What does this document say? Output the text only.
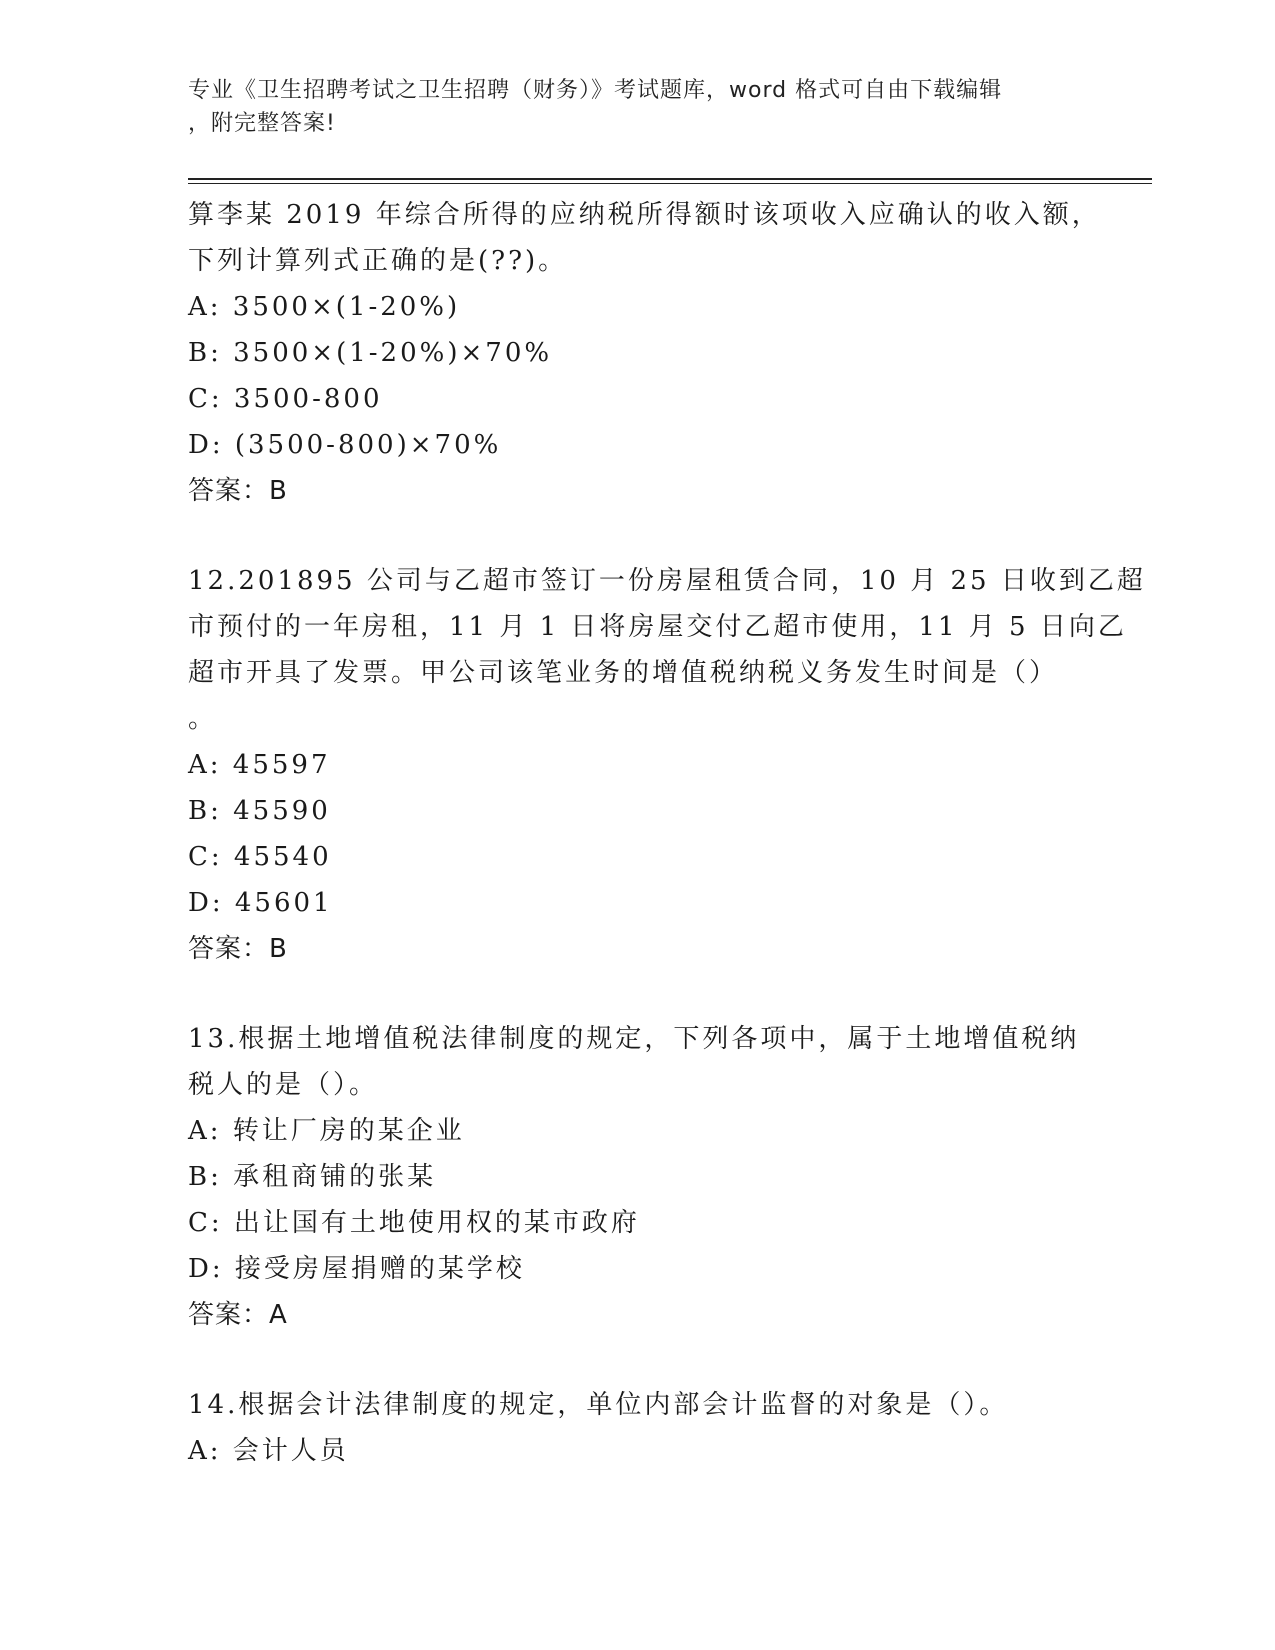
专业《卫生招聘考试之卫生招聘（财务）》考试题库，word 格式可自由下载编辑
，附完整答案!
算李某 2019 年综合所得的应纳税所得额时该项收入应确认的收入额，
下列计算列式正确的是(??)。
A: 3500×(1-20%)
B: 3500×(1-20%)×70%
C: 3500-800
D: (3500-800)×70%
答案：B
12.201895 公司与乙超市签订一份房屋租赁合同，10 月 25 日收到乙超
市预付的一年房租，11 月 1 日将房屋交付乙超市使用，11 月 5 日向乙
超市开具了发票。甲公司该笔业务的增值税纳税义务发生时间是（）
。
A: 45597
B: 45590
C: 45540
D: 45601
答案：B
13.根据土地增值税法律制度的规定，下列各项中，属于土地增值税纳
税人的是（）。
A: 转让厂房的某企业
B: 承租商铺的张某
C: 出让国有土地使用权的某市政府
D: 接受房屋捐赠的某学校
答案：A
14.根据会计法律制度的规定，单位内部会计监督的对象是（）。
A: 会计人员
